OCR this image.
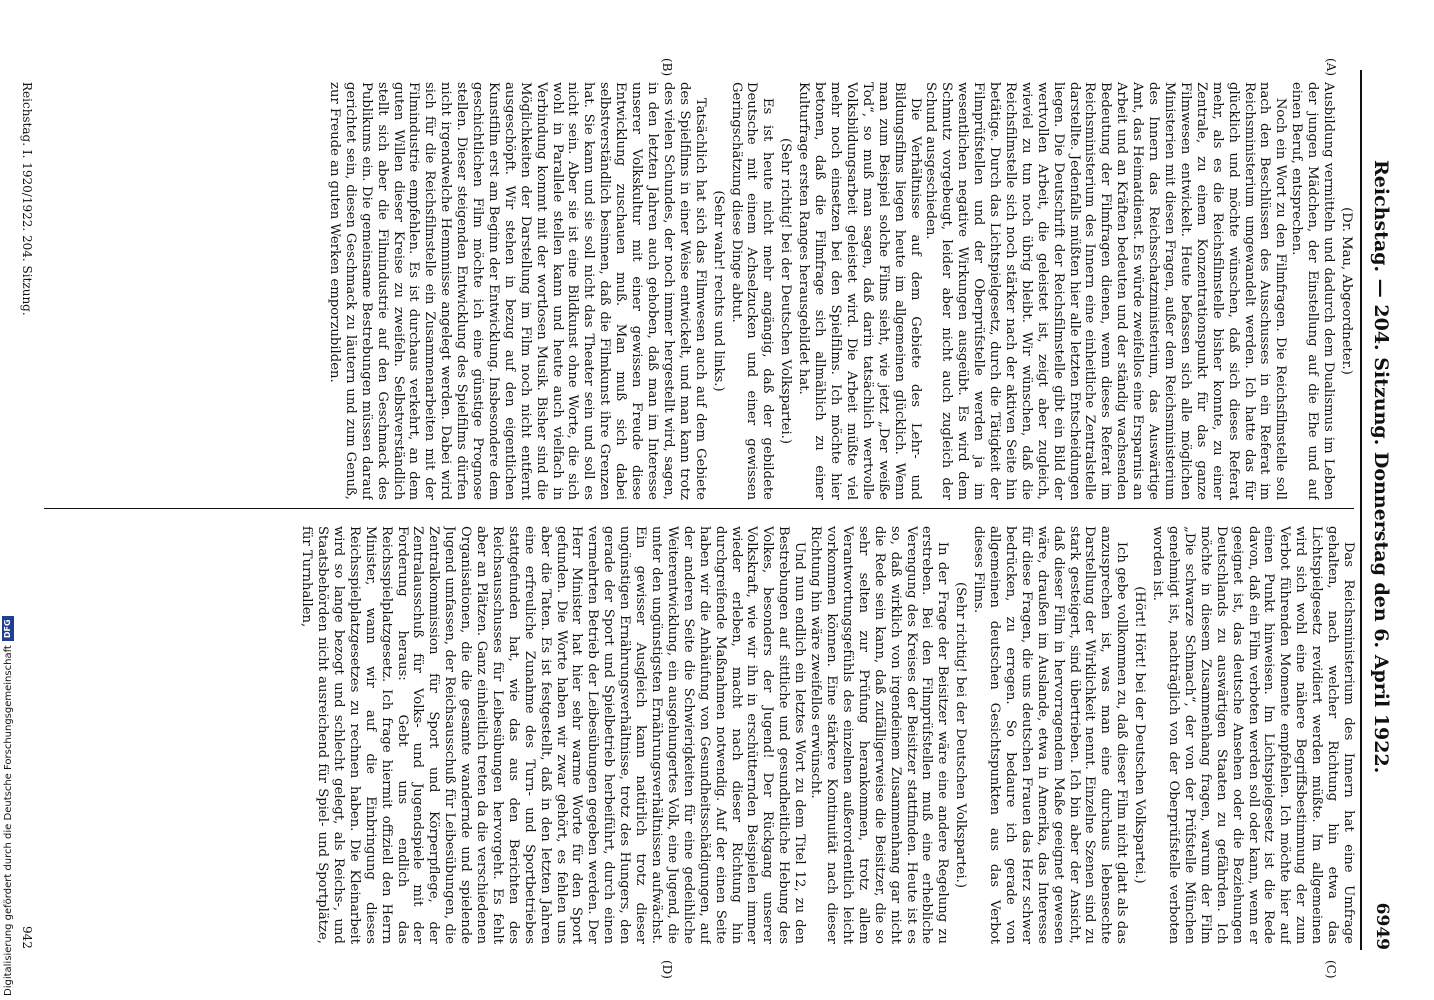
Reichstag. — 204. Sitzung. Donnerstag den 6. April 1922.
6949
(A)
(B)
(C)
(D)

(Dr. Mau, Abgeordneter.)

Ausbildung vermitteln und dadurch dem Dualismus im Leben der jungen Mädchen, der Einstellung auf die Ehe und auf einen Beruf, entsprechen.

Noch ein Wort zu den Filmfragen. Die Reichsfilmstelle soll nach den Beschlüssen des Ausschusses in ein Referat im Reichsministerium umgewandelt werden. Ich hatte das für glücklich und möchte wünschen, daß sich dieses Referat mehr, als es die Reichsfilmstelle bisher konnte, zu einer Zentrale, zu einem Konzentrationspunkt für das ganze Filmwesen entwickelt. Heute befassen sich alle möglichen Ministerien mit diesen Fragen, außer dem Reichsministerium des Innern das Reichsschatzministerium, das Auswärtige Amt, das Heimatdienst. Es würde zweifellos eine Ersparnis an Arbeit und an Kräften bedeuten und der ständig wachsenden Bedeutung der Filmfragen dienen, wenn dieses Referat im Reichsministerium des Innern eine einheitliche Zentralstelle darstellte. Jedenfalls müßten hier alle letzten Entscheidungen liegen. Die Deutschrift der Reichsfilmstelle gibt ein Bild der wertvollen Arbeit, die geleistet ist, zeigt aber zugleich, wieviel zu tun noch übrig bleibt. Wir wünschen, daß die Reichsfilmstelle sich noch stärker nach der aktiven Seite hin betätige. Durch das Lichtspielgesetz, durch die Tätigkeit der Filmprüfstellen und der Oberprüfstelle werden ja im wesentlichen negative Wirkungen ausgeübt. Es wird dem Schmutz vorgebeugt, leider aber nicht auch zugleich der Schund ausgeschieden.

Die Verhältnisse auf dem Gebiete des Lehr- und Bildungsfilms liegen heute im allgemeinen glücklich. Wenn man zum Beispiel solche Films sieht, wie jetzt „Der weiße Tod“, so muß man sagen, daß darin tatsächlich wertvolle Volksbildungsarbeit geleistet wird. Die Arbeit müßte viel mehr noch einsetzen bei den Spielfilms. Ich möchte hier betonen, daß die Filmfrage sich allmählich zu einer Kulturfrage ersten Ranges herausgebildet hat.

(Sehr richtig! bei der Deutschen Volkspartei.)

Es ist heute nicht mehr angängig, daß der gebildete Deutsche mit einem Achselzucken und einer gewissen Geringschätzung diese Dinge abtut.

(Sehr wahr! rechts und links.)

Tatsächlich hat sich das Filmwesen auch auf dem Gebiete des Spielfilms in einer Weise entwickelt, und man kann trotz des vielen Schundes, der noch immer hergestellt wird, sagen, in den letzten Jahren auch gehoben, daß man im Interesse unserer Volkskultur mit einer gewissen Freude diese Entwicklung zuschauen muß. Man muß sich dabei selbstverständlich besinnen, daß die Filmkunst ihre Grenzen hat. Sie kann und sie soll nicht das Theater sein und soll es nicht sein. Aber sie ist eine Bildkunst ohne Worte, die sich wohl in Parallele stellen kann und heute auch vielfach in Verbindung kommt mit der wortlosen Musik. Bisher sind die Möglichkeiten der Darstellung im Film noch nicht entfernt ausgeschöpft. Wir stehen in bezug auf den eigentlichen Kunstfilm erst am Beginn der Entwicklung. Insbesondere dem geschichtlichen Film möchte ich eine günstige Prognose stellen. Dieser steigenden Entwicklung des Spielfilms dürfen nicht irgendwelche Hemmnisse angelegt werden. Dabei wird sich für die Reichsfilmstelle ein Zusammenarbeiten mit der Filmindustrie empfehlen. Es ist durchaus verkehrt, an dem guten Willen dieser Kreise zu zweifeln. Selbstverständlich stellt sich aber die Filmindustrie auf den Geschmack des Publikums ein. Die gemeinsame Bestrebungen müssen darauf gerichtet sein, diesen Geschmack zu läutern und zum Genuß, zur Freude an guten Werken emporzubilden.

Das Reichsministerium des Innern hat eine Umfrage gehalten, nach welcher Richtung hin etwa das Lichtspielgesetz revidiert werden müßte. Im allgemeinen wird sich wohl eine nähere Begriffsbestimmung der zum Verbot führenden Momente empfehlen. Ich möchte hier auf einen Punkt hinweisen. Im Lichtspielgesetz ist die Rede davon, daß ein Film verboten werden soll oder kann, wenn er geeignet ist, das deutsche Ansehen oder die Beziehungen Deutschlands zu auswärtigen Staaten zu gefährden. Ich möchte in diesem Zusammenhang fragen, warum der Film „Die schwarze Schmach“, der von der Prüfstelle München genehmigt ist, nachträglich von der Oberprüfstelle verboten worden ist.

(Hört! Hört! bei der Deutschen Volkspartei.)

Ich gebe vollkommen zu, daß dieser Film nicht glatt als das anzusprechen ist, was man eine durchaus lebensechte Darstellung der Wirklichkeit nennt. Einzelne Szenen sind zu stark gesteigert, sind übertrieben. Ich bin aber der Ansicht, daß dieser Film in hervorragendem Maße geeignet gewesen wäre, draußen im Auslande, etwa in Amerika, das Interesse für diese Fragen, die uns deutschen Frauen das Herz schwer bedrücken, zu erregen. So bedaure ich gerade von allgemeinen deutschen Gesichtspunkten aus das Verbot dieses Films.

(Sehr richtig! bei der Deutschen Volkspartei.)

In der Frage der Beisitzer wäre eine andere Regelung zu erstreben. Bei den Filmprüfstellen muß eine erhebliche Verengung des Kreises der Beisitzer stattfinden. Heute ist es so, daß wirklich von irgendeinem Zusammenhang gar nicht die Rede sein kann, daß zufälligerweise die Beisitzer, die so sehr selten zur Prüfung herankommen, trotz allem Verantwortungsgefühls des einzelnen außerordentlich leicht vorkommen können. Eine stärkere Kontinuität nach dieser Richtung hin wäre zweifellos erwünscht.

Und nun endlich ein letztes Wort zu dem Titel 12, zu den Bestrebungen auf sittliche und gesundheitliche Hebung des Volkes, besonders der Jugend! Der Rückgang unserer Volkskraft, wie wir ihn in erschütternden Beispielen immer wieder erleben, macht nach dieser Richtung hin durchgreifende Maßnahmen notwendig. Auf der einen Seite haben wir die Anhäufung von Gesundheitsschädigungen, auf der anderen Seite die Schwierigkeiten für eine gedeihliche Weiterentwicklung, ein ausgehungertes Volk, eine Jugend, die unter den ungünstigsten Ernährungsverhältnissen aufwächst. Ein gewisser Ausgleich kann natürlich trotz dieser ungünstigen Ernährungsverhältnisse, trotz des Hungers, den gerade der Sport und Spielbetrieb herbeiführt, durch einen vermehrten Betrieb der Leibesübungen gegeben werden. Der Herr Minister hat hier sehr warme Worte für den Sport gefunden. Die Worte haben wir zwar gehört, es fehlen uns aber die Taten. Es ist festgestellt, daß in den letzten Jahren eine erfreuliche Zunahme des Turn- und Sportbetriebes stattgefunden hat, wie das aus den Berichten des Reichsausschusses für Leibesübungen hervorgeht. Es fehlt aber an Plätzen. Ganz einheitlich treten da die verschiedenen Organisationen, die die gesamte wandernde und spielende Jugend umfassen, der Reichsausschuß für Leibesübungen, die Zentralkommission für Sport und Körperpflege, der Zentralausschuß für Volks- und Jugendspiele mit der Forderung heraus: Gebt uns endlich das Reichsspielplatzgesetz. Ich frage hiermit offiziell den Herrn Minister, wann wir auf die Einbringung dieses Reichsspielplatzgesetzes zu rechnen haben. Die Kleinarbeit wird so lange bezogt und schlecht gelegt, als Reichs-, und Staatsbehörden nicht ausreichend für Spiel- und Sportplätze, für Turnhallen,

Reichstag. I. 1920/1922. 204. Sitzung.
942
Digitalisierung gefördert durch die Deutsche Forschungsgemeinschaft
DFG
